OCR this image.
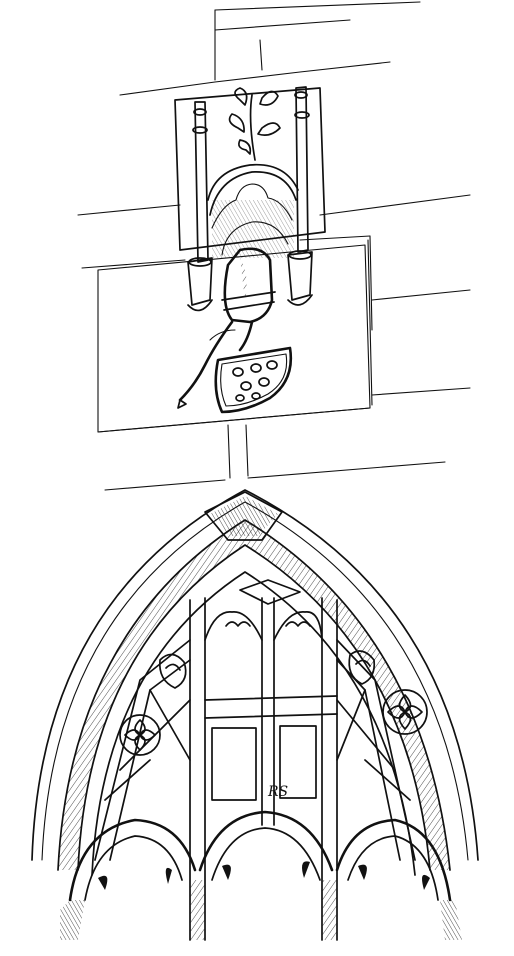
RS
